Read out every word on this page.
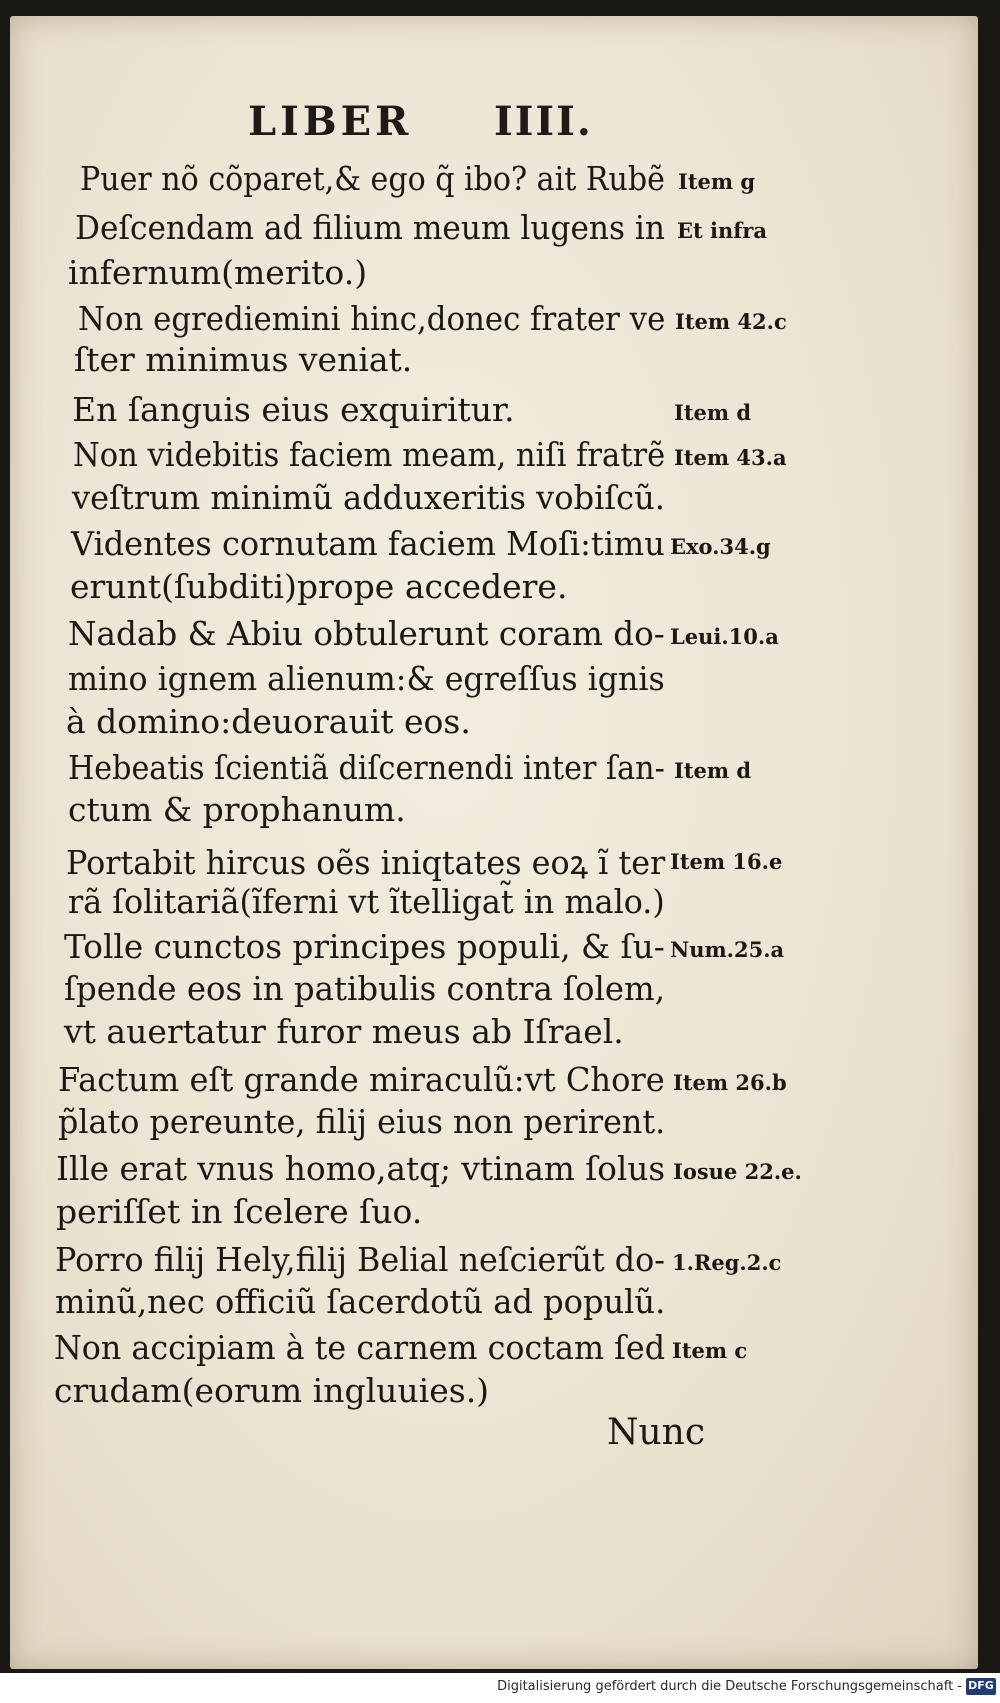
LIBER IIII.
Puer nõ cõparet,& ego q̃ ibo? ait Rubẽ Item g
Deſcendam ad filium meum lugens in Et infra
infernum(merito.)
Non egrediemini hinc,donec frater ve Item 42.c
ſter minimus veniat.
En ſanguis eius exquiritur.	Item d
Non videbitis faciem meam, niſi fratrẽ Item 43.a
veſtrum minimũ adduxeritis vobiſcũ.
Videntes cornutam faciem Moſi:timu Exo.34.g
erunt(ſubditi)prope accedere.
Nadab & Abiu obtulerunt coram do- Leui.10.a
mino ignem alienum:& egreſſus ignis
à domino:deuorauit eos.
Hebeatis ſcientiã diſcernendi inter ſan- Item d
ctum & prophanum.
Portabit hircus oẽs iniqtates eoꝝ ĩ ter Item 16.e
rã ſolitariã(ĩferni vt ĩtelligat̃ in malo.)
Tolle cunctos principes populi, & ſu- Num.25.a
ſpende eos in patibulis contra ſolem,
vt auertatur furor meus ab Iſrael.
Factum eſt grande miraculũ:vt Chore Item 26.b
p̃lato pereunte, filij eius non perirent.
Ille erat vnus homo,atq; vtinam ſolus Iosue 22.e.
periſſet in ſcelere ſuo.
Porro filij Hely,filij Belial neſcierũt do- 1.Reg.2.c
minũ,nec officiũ ſacerdotũ ad populũ.
Non accipiam à te carnem coctam ſed Item c
crudam(eorum ingluuies.)
Nunc
Digitalisierung gefördert durch die Deutsche Forschungsgemeinschaft - DFG
